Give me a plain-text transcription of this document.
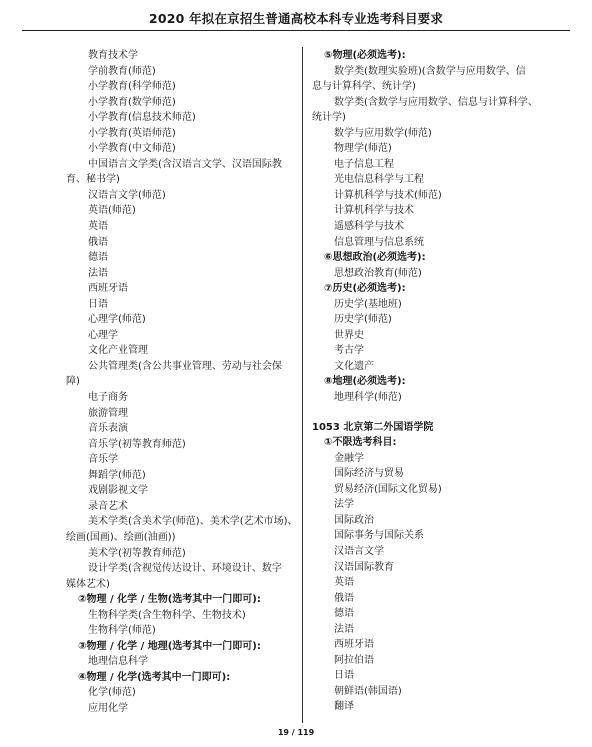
2020 年拟在京招生普通高校本科专业选考科目要求
教育技术学
学前教育(师范)
小学教育(科学师范)
小学教育(数学师范)
小学教育(信息技术师范)
小学教育(英语师范)
小学教育(中文师范)
中国语言文学类(含汉语言文学、汉语国际教
育、秘书学)
汉语言文学(师范)
英语(师范)
英语
俄语
德语
法语
西班牙语
日语
心理学(师范)
心理学
文化产业管理
公共管理类(含公共事业管理、劳动与社会保
障)
电子商务
旅游管理
音乐表演
音乐学(初等教育师范)
音乐学
舞蹈学(师范)
戏剧影视文学
录音艺术
美术学类(含美术学(师范)、美术学(艺术市场)、
绘画(国画)、绘画(油画))
美术学(初等教育师范)
设计学类(含视觉传达设计、环境设计、数字
媒体艺术)
②物理 / 化学 / 生物(选考其中一门即可):
生物科学类(含生物科学、生物技术)
生物科学(师范)
③物理 / 化学 / 地理(选考其中一门即可):
地理信息科学
④物理 / 化学(选考其中一门即可):
化学(师范)
应用化学
⑤物理(必须选考):
数学类(数理实验班)(含数学与应用数学、信
息与计算科学、统计学)
数学类(含数学与应用数学、信息与计算科学、
统计学)
数学与应用数学(师范)
物理学(师范)
电子信息工程
光电信息科学与工程
计算机科学与技术(师范)
计算机科学与技术
遥感科学与技术
信息管理与信息系统
⑥思想政治(必须选考):
思想政治教育(师范)
⑦历史(必须选考):
历史学(基地班)
历史学(师范)
世界史
考古学
文化遗产
⑧地理(必须选考):
地理科学(师范)
1053 北京第二外国语学院
①不限选考科目:
金融学
国际经济与贸易
贸易经济(国际文化贸易)
法学
国际政治
国际事务与国际关系
汉语言文学
汉语国际教育
英语
俄语
德语
法语
西班牙语
阿拉伯语
日语
朝鲜语(韩国语)
翻译
19 / 119
